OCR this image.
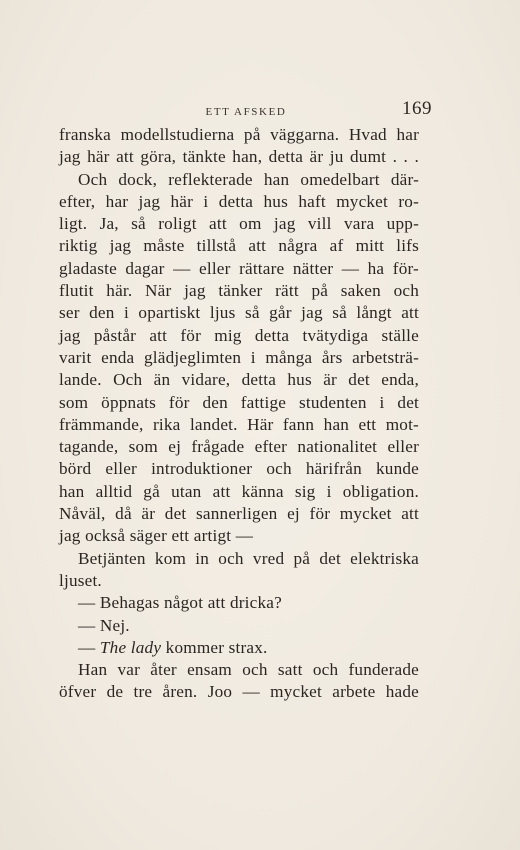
ETT AFSKED	169
franska modellstudierna på väggarna. Hvad har
jag här att göra, tänkte han, detta är ju dumt . . .
Och dock, reflekterade han omedelbart där-
efter, har jag här i detta hus haft mycket ro-
ligt. Ja, så roligt att om jag vill vara upp-
riktig jag måste tillstå att några af mitt lifs
gladaste dagar — eller rättare nätter — ha för-
flutit här. När jag tänker rätt på saken och
ser den i opartiskt ljus så går jag så långt att
jag påstår att för mig detta tvätydiga ställe
varit enda glädjeglimten i många års arbetsträ-
lande. Och än vidare, detta hus är det enda,
som öppnats för den fattige studenten i det
främmande, rika landet. Här fann han ett mot-
tagande, som ej frågade efter nationalitet eller
börd eller introduktioner och härifrån kunde
han alltid gå utan att känna sig i obligation.
Nåväl, då är det sannerligen ej för mycket att
jag också säger ett artigt —
Betjänten kom in och vred på det elektriska
ljuset.
— Behagas något att dricka?
— Nej.
— The lady kommer strax.
Han var åter ensam och satt och funderade
öfver de tre åren. Joo — mycket arbete hade
